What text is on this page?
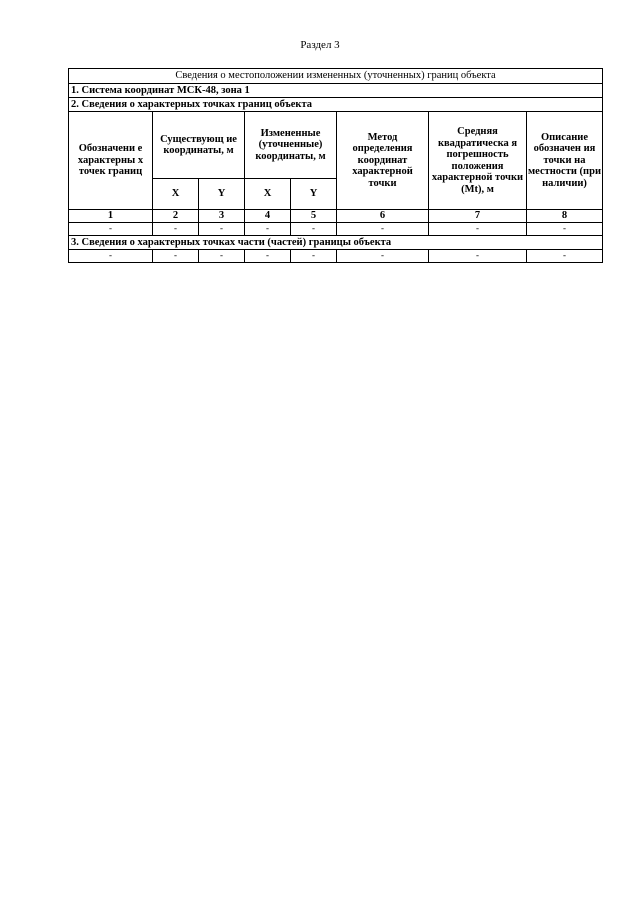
Раздел 3
Сведения о местоположении измененных (уточненных) границ объекта							
1. Система координат МСК-48, зона 1							
2. Сведения о характерных точках границ объекта							
Обозначени е характерны х точек границ	Существующ ие координаты, м		Измененные (уточненные) координаты, м		Метод определения координат характерной точки	Средняя квадратическа я погрешность положения характерной точки (Mt), м	Описание обозначен ия точки на местности (при наличии)
	X	Y	X	Y			
1	2	3	4	5	6	7	8
-	-	-	-	-	-	-	-
3. Сведения о характерных точках части (частей) границы объекта							
-	-	-	-	-	-	-	-
